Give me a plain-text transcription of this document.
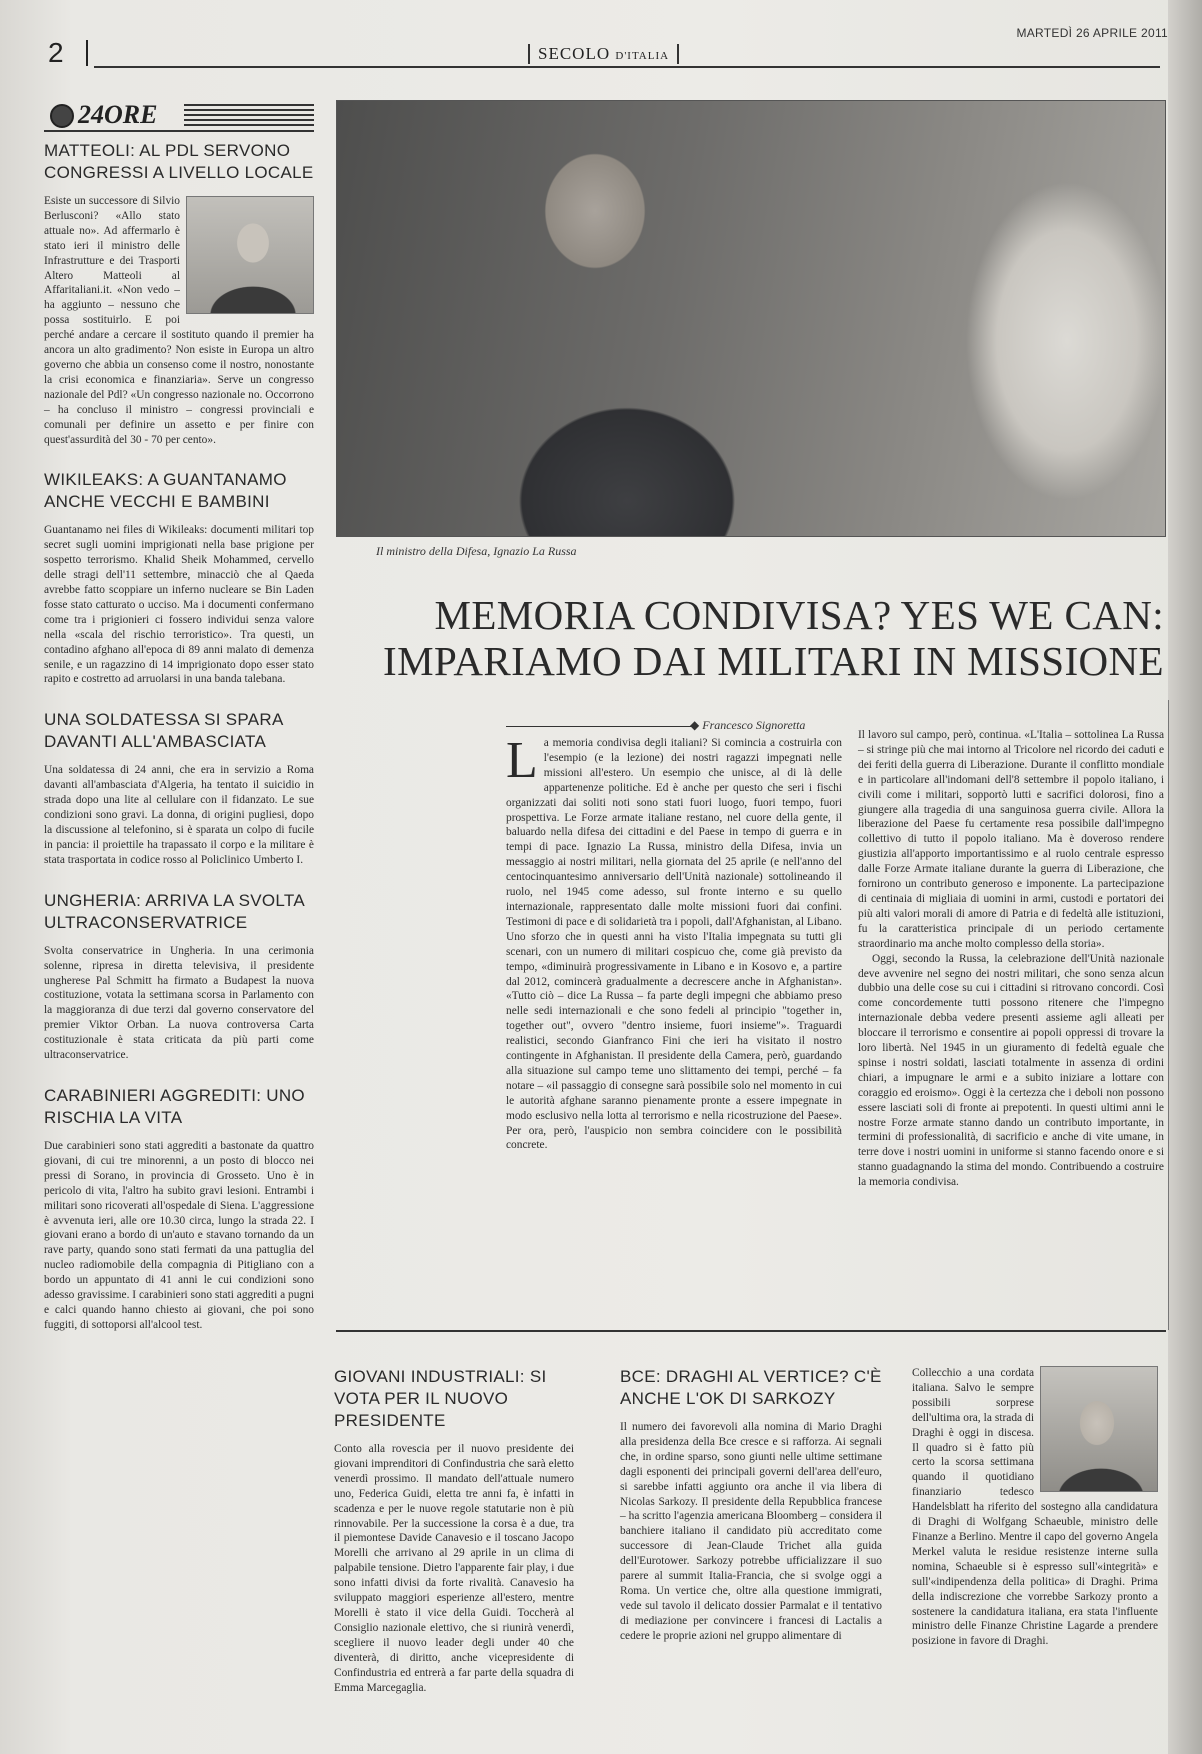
2	SECOLO D'ITALIA
MARTEDÌ 26 APRILE 2011
24ORE
MATTEOLI: AL PDL SERVONO CONGRESSI A LIVELLO LOCALE

Esiste un successore di Silvio Berlusconi? «Allo stato attuale no». Ad affermarlo è stato ieri il ministro delle Infrastrutture e dei Trasporti Altero Matteoli al Affaritaliani.it. «Non vedo – ha aggiunto – nessuno che possa sostituirlo. E poi perché andare a cercare il sostituto quando il premier ha ancora un alto gradimento? Non esiste in Europa un altro governo che abbia un consenso come il nostro, nonostante la crisi economica e finanziaria». Serve un congresso nazionale del Pdl? «Un congresso nazionale no. Occorrono – ha concluso il ministro – congressi provinciali e comunali per definire un assetto e per finire con quest'assurdità del 30 - 70 per cento».

WIKILEAKS: A GUANTANAMO ANCHE VECCHI E BAMBINI

Guantanamo nei files di Wikileaks: documenti militari top secret sugli uomini imprigionati nella base prigione per sospetto terrorismo. Khalid Sheik Mohammed, cervello delle stragi dell'11 settembre, minacciò che al Qaeda avrebbe fatto scoppiare un inferno nucleare se Bin Laden fosse stato catturato o ucciso. Ma i documenti confermano come tra i prigionieri ci fossero individui senza valore nella «scala del rischio terroristico». Tra questi, un contadino afghano all'epoca di 89 anni malato di demenza senile, e un ragazzino di 14 imprigionato dopo esser stato rapito e costretto ad arruolarsi in una banda talebana.

UNA SOLDATESSA SI SPARA DAVANTI ALL'AMBASCIATA

Una soldatessa di 24 anni, che era in servizio a Roma davanti all'ambasciata d'Algeria, ha tentato il suicidio in strada dopo una lite al cellulare con il fidanzato. Le sue condizioni sono gravi. La donna, di origini pugliesi, dopo la discussione al telefonino, si è sparata un colpo di fucile in pancia: il proiettile ha trapassato il corpo e la militare è stata trasportata in codice rosso al Policlinico Umberto I.

UNGHERIA: ARRIVA LA SVOLTA ULTRACONSERVATRICE

Svolta conservatrice in Ungheria. In una cerimonia solenne, ripresa in diretta televisiva, il presidente ungherese Pal Schmitt ha firmato a Budapest la nuova costituzione, votata la settimana scorsa in Parlamento con la maggioranza di due terzi dal governo conservatore del premier Viktor Orban. La nuova controversa Carta costituzionale è stata criticata da più parti come ultraconservatrice.

CARABINIERI AGGREDITI: UNO RISCHIA LA VITA

Due carabinieri sono stati aggrediti a bastonate da quattro giovani, di cui tre minorenni, a un posto di blocco nei pressi di Sorano, in provincia di Grosseto. Uno è in pericolo di vita, l'altro ha subito gravi lesioni. Entrambi i militari sono ricoverati all'ospedale di Siena. L'aggressione è avvenuta ieri, alle ore 10.30 circa, lungo la strada 22. I giovani erano a bordo di un'auto e stavano tornando da un rave party, quando sono stati fermati da una pattuglia del nucleo radiomobile della compagnia di Pitigliano con a bordo un appuntato di 41 anni le cui condizioni sono adesso gravissime. I carabinieri sono stati aggrediti a pugni e calci quando hanno chiesto ai giovani, che poi sono fuggiti, di sottoporsi all'alcool test.

Il ministro della Difesa, Ignazio La Russa
MEMORIA CONDIVISA? YES WE CAN:
IMPARIAMO DAI MILITARI IN MISSIONE
◆ Francesco Signoretta
L a memoria condivisa degli italiani? Si comincia a costruirla con l'esempio (e la lezione) dei nostri ragazzi impegnati nelle missioni all'estero. Un esempio che unisce, al di là delle appartenenze politiche. Ed è anche per questo che seri i fischi organizzati dai soliti noti sono stati fuori luogo, fuori tempo, fuori prospettiva. Le Forze armate italiane restano, nel cuore della gente, il baluardo nella difesa dei cittadini e del Paese in tempo di guerra e in tempi di pace. Ignazio La Russa, ministro della Difesa, invia un messaggio ai nostri militari, nella giornata del 25 aprile (e nell'anno del centocinquantesimo anniversario dell'Unità nazionale) sottolineando il ruolo, nel 1945 come adesso, sul fronte interno e su quello internazionale, rappresentato dalle molte missioni fuori dai confini. Testimoni di pace e di solidarietà tra i popoli, dall'Afghanistan, al Libano. Uno sforzo che in questi anni ha visto l'Italia impegnata su tutti gli scenari, con un numero di militari cospicuo che, come già previsto da tempo, «diminuirà progressivamente in Libano e in Kosovo e, a partire dal 2012, comincerà gradualmente a decrescere anche in Afghanistan». «Tutto ciò – dice La Russa – fa parte degli impegni che abbiamo preso nelle sedi internazionali e che sono fedeli al principio "together in, together out", ovvero "dentro insieme, fuori insieme"». Traguardi realistici, secondo Gianfranco Fini che ieri ha visitato il nostro contingente in Afghanistan. Il presidente della Camera, però, guardando alla situazione sul campo teme uno slittamento dei tempi, perché – fa notare – «il passaggio di consegne sarà possibile solo nel momento in cui le autorità afghane saranno pienamente pronte a essere impegnate in modo esclusivo nella lotta al terrorismo e nella ricostruzione del Paese». Per ora, però, l'auspicio non sembra coincidere con le possibilità concrete.

Il lavoro sul campo, però, continua. «L'Italia – sottolinea La Russa – si stringe più che mai intorno al Tricolore nel ricordo dei caduti e dei feriti della guerra di Liberazione. Durante il conflitto mondiale e in particolare all'indomani dell'8 settembre il popolo italiano, i civili come i militari, sopportò lutti e sacrifici dolorosi, fino a giungere alla tragedia di una sanguinosa guerra civile. Allora la liberazione del Paese fu certamente resa possibile dall'impegno collettivo di tutto il popolo italiano. Ma è doveroso rendere giustizia all'apporto importantissimo e al ruolo centrale espresso dalle Forze Armate italiane durante la guerra di Liberazione, che fornirono un contributo generoso e imponente. La partecipazione di centinaia di migliaia di uomini in armi, custodi e portatori dei più alti valori morali di amore di Patria e di fedeltà alle istituzioni, fu la caratteristica principale di un periodo certamente straordinario ma anche molto complesso della storia».

Oggi, secondo la Russa, la celebrazione dell'Unità nazionale deve avvenire nel segno dei nostri militari, che sono senza alcun dubbio una delle cose su cui i cittadini si ritrovano concordi. Così come concordemente tutti possono ritenere che l'impegno internazionale debba vedere presenti assieme agli alleati per bloccare il terrorismo e consentire ai popoli oppressi di trovare la loro libertà. Nel 1945 in un giuramento di fedeltà eguale che spinse i nostri soldati, lasciati totalmente in assenza di ordini chiari, a impugnare le armi e a subito iniziare a lottare con coraggio ed eroismo». Oggi è la certezza che i deboli non possono essere lasciati soli di fronte ai prepotenti. In questi ultimi anni le nostre Forze armate stanno dando un contributo importante, in termini di professionalità, di sacrificio e anche di vite umane, in terre dove i nostri uomini in uniforme si stanno facendo onore e si stanno guadagnando la stima del mondo. Contribuendo a costruire la memoria condivisa.

GIOVANI INDUSTRIALI: SI VOTA PER IL NUOVO PRESIDENTE

Conto alla rovescia per il nuovo presidente dei giovani imprenditori di Confindustria che sarà eletto venerdì prossimo. Il mandato dell'attuale numero uno, Federica Guidi, eletta tre anni fa, è infatti in scadenza e per le nuove regole statutarie non è più rinnovabile. Per la successione la corsa è a due, tra il piemontese Davide Canavesio e il toscano Jacopo Morelli che arrivano al 29 aprile in un clima di palpabile tensione. Dietro l'apparente fair play, i due sono infatti divisi da forte rivalità. Canavesio ha sviluppato maggiori esperienze all'estero, mentre Morelli è stato il vice della Guidi. Toccherà al Consiglio nazionale elettivo, che si riunirà venerdì, scegliere il nuovo leader degli under 40 che diventerà, di diritto, anche vicepresidente di Confindustria ed entrerà a far parte della squadra di Emma Marcegaglia.

BCE: DRAGHI AL VERTICE? C'È ANCHE L'OK DI SARKOZY

Il numero dei favorevoli alla nomina di Mario Draghi alla presidenza della Bce cresce e si rafforza. Ai segnali che, in ordine sparso, sono giunti nelle ultime settimane dagli esponenti dei principali governi dell'area dell'euro, si sarebbe infatti aggiunto ora anche il via libera di Nicolas Sarkozy. Il presidente della Repubblica francese – ha scritto l'agenzia americana Bloomberg – considera il banchiere italiano il candidato più accreditato come successore di Jean-Claude Trichet alla guida dell'Eurotower. Sarkozy potrebbe ufficializzare il suo parere al summit Italia-Francia, che si svolge oggi a Roma. Un vertice che, oltre alla questione immigrati, vede sul tavolo il delicato dossier Parmalat e il tentativo di mediazione per convincere i francesi di Lactalis a cedere le proprie azioni nel gruppo alimentare di

Collecchio a una cordata italiana. Salvo le sempre possibili sorprese dell'ultima ora, la strada di Draghi è oggi in discesa. Il quadro si è fatto più certo la scorsa settimana quando il quotidiano finanziario tedesco Handelsblatt ha riferito del sostegno alla candidatura di Draghi di Wolfgang Schaeuble, ministro delle Finanze a Berlino. Mentre il capo del governo Angela Merkel valuta le residue resistenze interne sulla nomina, Schaeuble si è espresso sull'«integrità» e sull'«indipendenza della politica» di Draghi. Prima della indiscrezione che vorrebbe Sarkozy pronto a sostenere la candidatura italiana, era stata l'influente ministro delle Finanze Christine Lagarde a prendere posizione in favore di Draghi.
